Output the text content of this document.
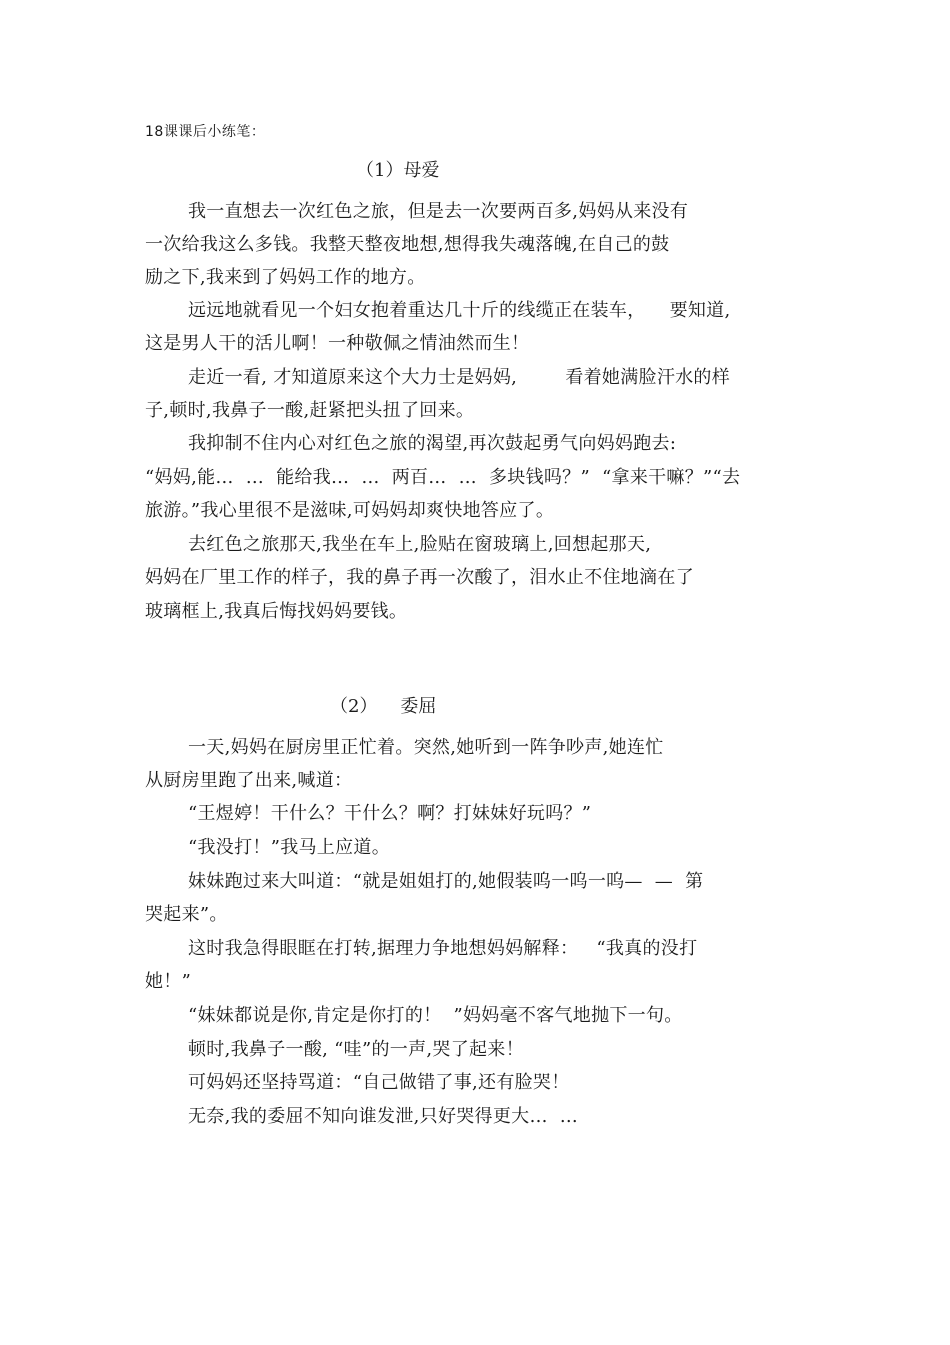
18课课后小练笔：
（1）母爱
我一直想去一次红色之旅，但是去一次要两百多,妈妈从来没有
一次给我这么多钱。我整天整夜地想,想得我失魂落魄,在自己的鼓
励之下,我来到了妈妈工作的地方。
远远地就看见一个妇女抱着重达几十斤的线缆正在装车，    要知道,
这是男人干的活儿啊！一种敬佩之情油然而生！
走近一看, 才知道原来这个大力士是妈妈,        看着她满脸汗水的样
子,顿时,我鼻子一酸,赶紧把头扭了回来。
我抑制不住内心对红色之旅的渴望,再次鼓起勇气向妈妈跑去:
“妈妈,能…  …  能给我…  …  两百…  …  多块钱吗？”  “拿来干嘛？”“去
旅游。”我心里很不是滋味,可妈妈却爽快地答应了。
去红色之旅那天,我坐在车上,脸贴在窗玻璃上,回想起那天,
妈妈在厂里工作的样子，我的鼻子再一次酸了，泪水止不住地滴在了
玻璃框上,我真后悔找妈妈要钱。
（2）    委屈
一天,妈妈在厨房里正忙着。突然,她听到一阵争吵声,她连忙
从厨房里跑了出来,喊道：
“王煜婷！干什么？干什么？啊？打妹妹好玩吗？”
“我没打！”我马上应道。
妹妹跑过来大叫道：“就是姐姐打的,她假装呜一呜一呜—  —  第
哭起来”。
这时我急得眼眶在打转,据理力争地想妈妈解释：   “我真的没打
她！”
“妹妹都说是你,肯定是你打的！  ”妈妈毫不客气地抛下一句。
顿时,我鼻子一酸, “哇”的一声,哭了起来！
可妈妈还坚持骂道：“自己做错了事,还有脸哭！
无奈,我的委屈不知向谁发泄,只好哭得更大…  …
